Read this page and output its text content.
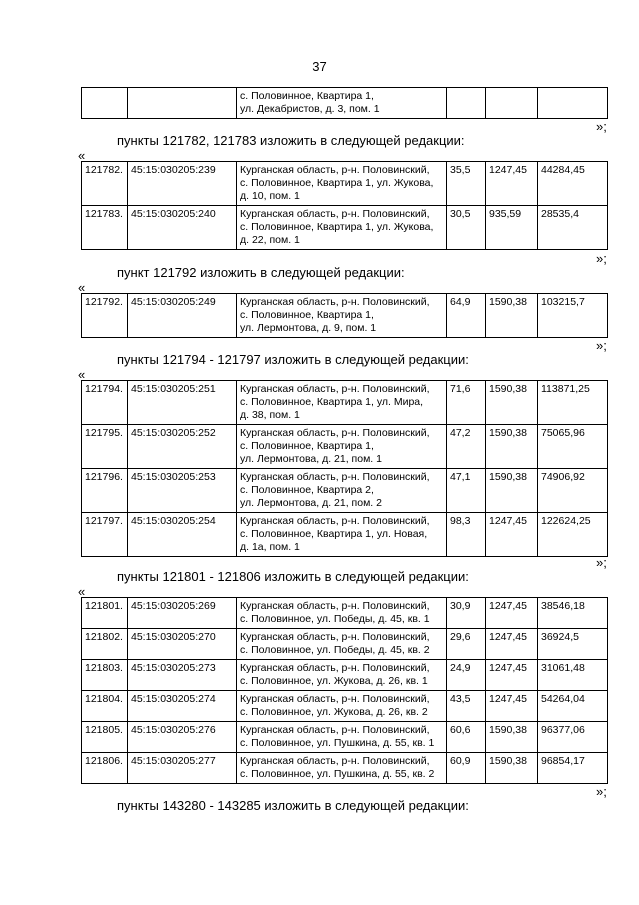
37
		с. Половинное, Квартира 1,
ул. Декабристов, д. 3, пом. 1			
»;
пункты 121782, 121783 изложить в следующей редакции:
«
121782.	45:15:030205:239	Курганская область, р-н. Половинский,
с. Половинное, Квартира 1, ул. Жукова,
д. 10, пом. 1	35,5	1247,45	44284,45
121783.	45:15:030205:240	Курганская область, р-н. Половинский,
с. Половинное, Квартира 1, ул. Жукова,
д. 22, пом. 1	30,5	935,59	28535,4
»;
пункт 121792 изложить в следующей редакции:
«
121792.	45:15:030205:249	Курганская область, р-н. Половинский,
с. Половинное, Квартира 1,
ул. Лермонтова, д. 9, пом. 1	64,9	1590,38	103215,7
»;
пункты 121794 - 121797 изложить в следующей редакции:
«
121794.	45:15:030205:251	Курганская область, р-н. Половинский,
с. Половинное, Квартира 1, ул. Мира,
д. 38, пом. 1	71,6	1590,38	113871,25
121795.	45:15:030205:252	Курганская область, р-н. Половинский,
с. Половинное, Квартира 1,
ул. Лермонтова, д. 21, пом. 1	47,2	1590,38	75065,96
121796.	45:15:030205:253	Курганская область, р-н. Половинский,
с. Половинное, Квартира 2,
ул. Лермонтова, д. 21, пом. 2	47,1	1590,38	74906,92
121797.	45:15:030205:254	Курганская область, р-н. Половинский,
с. Половинное, Квартира 1, ул. Новая,
д. 1а, пом. 1	98,3	1247,45	122624,25
»;
пункты 121801 - 121806 изложить в следующей редакции:
«
121801.	45:15:030205:269	Курганская область, р-н. Половинский,
с. Половинное, ул. Победы, д. 45, кв. 1	30,9	1247,45	38546,18
121802.	45:15:030205:270	Курганская область, р-н. Половинский,
с. Половинное, ул. Победы, д. 45, кв. 2	29,6	1247,45	36924,5
121803.	45:15:030205:273	Курганская область, р-н. Половинский,
с. Половинное, ул. Жукова, д. 26, кв. 1	24,9	1247,45	31061,48
121804.	45:15:030205:274	Курганская область, р-н. Половинский,
с. Половинное, ул. Жукова, д. 26, кв. 2	43,5	1247,45	54264,04
121805.	45:15:030205:276	Курганская область, р-н. Половинский,
с. Половинное, ул. Пушкина, д. 55, кв. 1	60,6	1590,38	96377,06
121806.	45:15:030205:277	Курганская область, р-н. Половинский,
с. Половинное, ул. Пушкина, д. 55, кв. 2	60,9	1590,38	96854,17
»;
пункты 143280 - 143285 изложить в следующей редакции:
